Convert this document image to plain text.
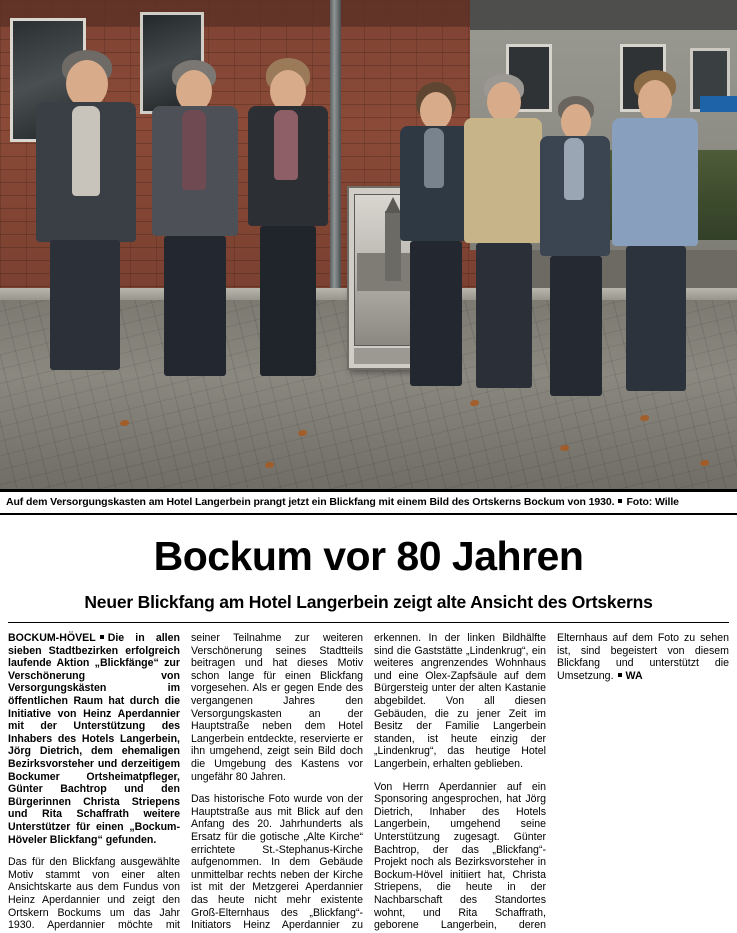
Auf dem Versorgungskasten am Hotel Langerbein prangt jetzt ein Blickfang mit einem Bild des Ortskerns Bockum von 1930. Foto: Wille
Bockum vor 80 Jahren
Neuer Blickfang am Hotel Langerbein zeigt alte Ansicht des Ortskerns

BOCKUM-HÖVEL Die in allen sieben Stadtbezirken erfolgreich laufende Aktion „Blickfänge“ zur Verschönerung von Versorgungskästen im öffentlichen Raum hat durch die Initiative von Heinz Aperdannier mit der Unterstützung des Inhabers des Hotels Langerbein, Jörg Dietrich, dem ehemaligen Bezirksvorsteher und derzeitigem Bockumer Ortsheimatpfleger, Günter Bachtrop und den Bürgerinnen Christa Striepens und Rita Schaffrath weitere Unterstützer für einen „Bockum-Höveler Blickfang“ gefunden.

Das für den Blickfang ausgewählte Motiv stammt von einer alten Ansichtskarte aus dem Fundus von Heinz Aperdannier und zeigt den Ortskern Bockums um das Jahr 1930. Aperdannier möchte mit seiner Teilnahme zur weiteren Verschönerung seines Stadtteils beitragen und hat dieses Motiv schon lange für einen Blickfang vorgesehen. Als er gegen Ende des vergangenen Jahres den Versorgungskasten an der Hauptstraße neben dem Hotel Langerbein entdeckte, reservierte er ihn umgehend, zeigt sein Bild doch die Umgebung des Kastens vor ungefähr 80 Jahren.

Das historische Foto wurde von der Hauptstraße aus mit Blick auf den Anfang des 20. Jahrhunderts als Ersatz für die gotische „Alte Kirche“ errichtete St.-Stephanus-Kirche aufgenommen. In dem Gebäude unmittelbar rechts neben der Kirche ist mit der Metzgerei Aperdannier das heute nicht mehr existente Groß-Elternhaus des „Blickfang“-Initiators Heinz Aperdannier zu erkennen. In der linken Bildhälfte sind die Gaststätte „Lindenkrug“, ein weiteres angrenzendes Wohnhaus und eine Olex-Zapfsäule auf dem Bürgersteig unter der alten Kastanie abgebildet. Von all diesen Gebäuden, die zu jener Zeit im Besitz der Familie Langerbein standen, ist heute einzig der „Lindenkrug“, das heutige Hotel Langerbein, erhalten geblieben.

Von Herrn Aperdannier auf ein Sponsoring angesprochen, hat Jörg Dietrich, Inhaber des Hotels Langerbein, umgehend seine Unterstützung zugesagt. Günter Bachtrop, der das „Blickfang“-Projekt noch als Bezirksvorsteher in Bockum-Hövel initiiert hat, Christa Striepens, die heute in der Nachbarschaft des Standortes wohnt, und Rita Schaffrath, geborene Langerbein, deren Elternhaus auf dem Foto zu sehen ist, sind begeistert von diesem Blickfang und unterstützt die Umsetzung. WA
